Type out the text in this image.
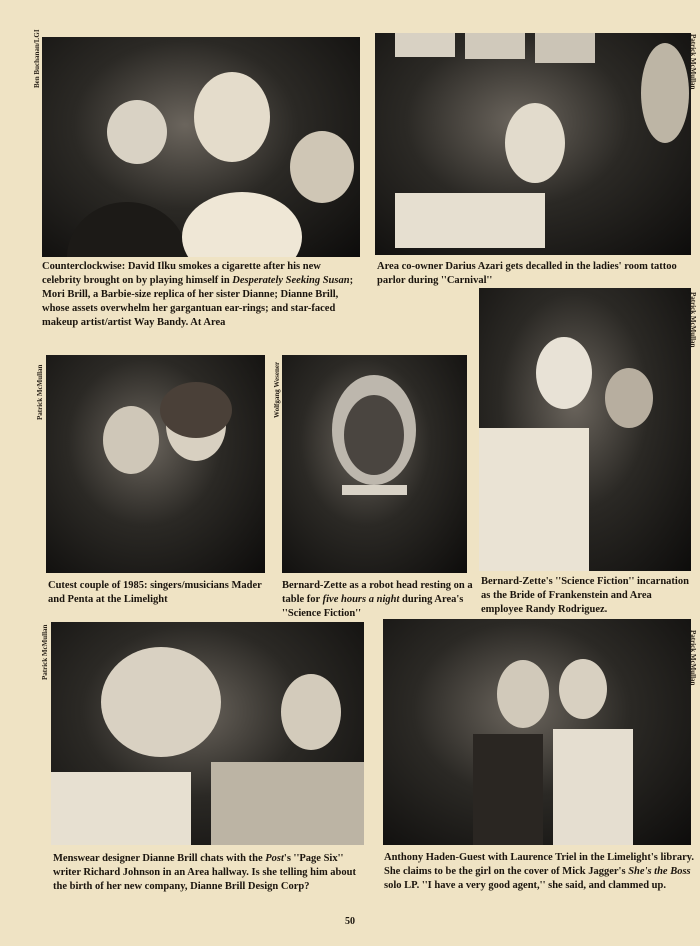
Ben Buchanan/LGI	Patrick McMullan

Counterclockwise: David Ilku smokes a cigarette after his new celebrity brought on by playing himself in Desperately Seeking Susan; Mori Brill, a Barbie-size replica of her sister Dianne; Dianne Brill, whose assets overwhelm her gargantuan ear-rings; and star-faced makeup artist/artist Way Bandy. At Area

Area co-owner Darius Azari gets decalled in the ladies' room tattoo parlor during ''Carnival''

Patrick McMullan	Wolfgang Wesener
Patrick McMullan

Cutest couple of 1985: singers/musicians Mader and Penta at the Limelight

Bernard-Zette as a robot head resting on a table for five hours a night during Area's ''Science Fiction''

Bernard-Zette's ''Science Fiction'' incarnation as the Bride of Frankenstein and Area employee Randy Rodriguez.

Patrick McMullan	Patrick McMullan

Menswear designer Dianne Brill chats with the Post's ''Page Six'' writer Richard Johnson in an Area hallway. Is she telling him about the birth of her new company, Dianne Brill Design Corp?

Anthony Haden-Guest with Laurence Triel in the Limelight's library. She claims to be the girl on the cover of Mick Jagger's She's the Boss solo LP. ''I have a very good agent,'' she said, and clammed up.

50
